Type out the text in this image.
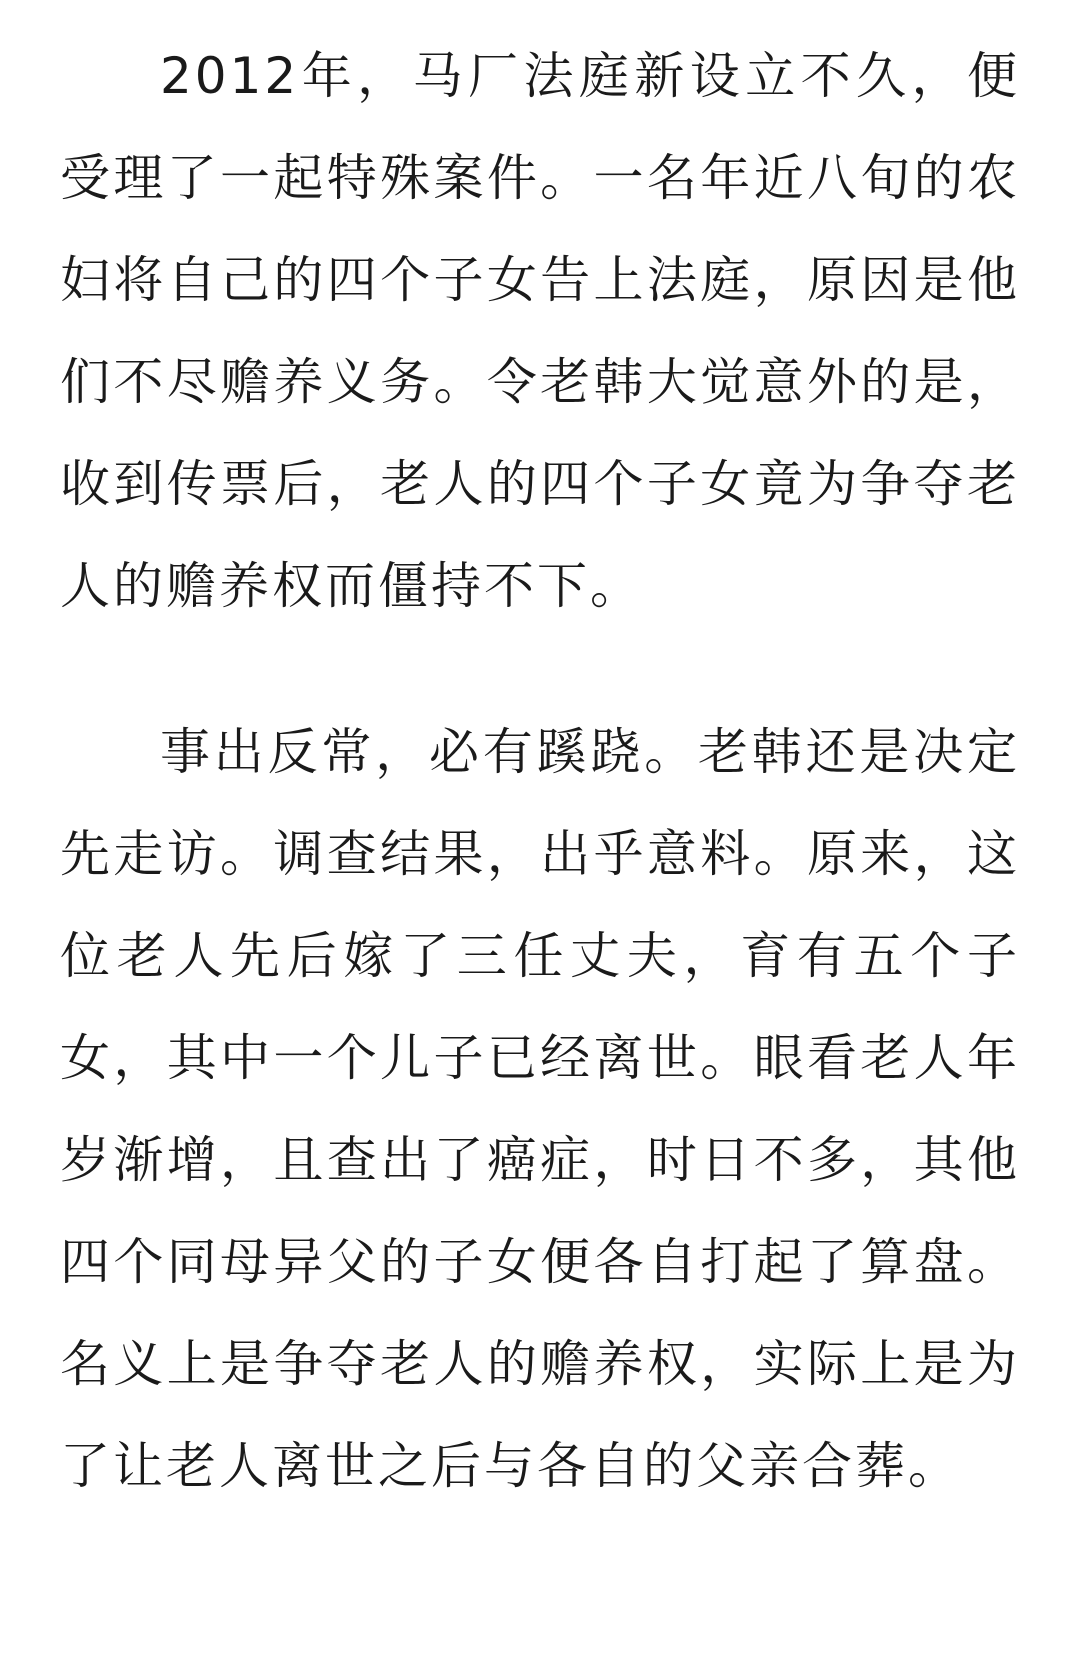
2012年，马厂法庭新设立不久，便受理了一起特殊案件。一名年近八旬的农妇将自己的四个子女告上法庭，原因是他们不尽赡养义务。令老韩大觉意外的是，收到传票后，老人的四个子女竟为争夺老人的赡养权而僵持不下。

事出反常，必有蹊跷。老韩还是决定先走访。调查结果，出乎意料。原来，这位老人先后嫁了三任丈夫，育有五个子女，其中一个儿子已经离世。眼看老人年岁渐增，且查出了癌症，时日不多，其他四个同母异父的子女便各自打起了算盘。名义上是争夺老人的赡养权，实际上是为了让老人离世之后与各自的父亲合葬。
